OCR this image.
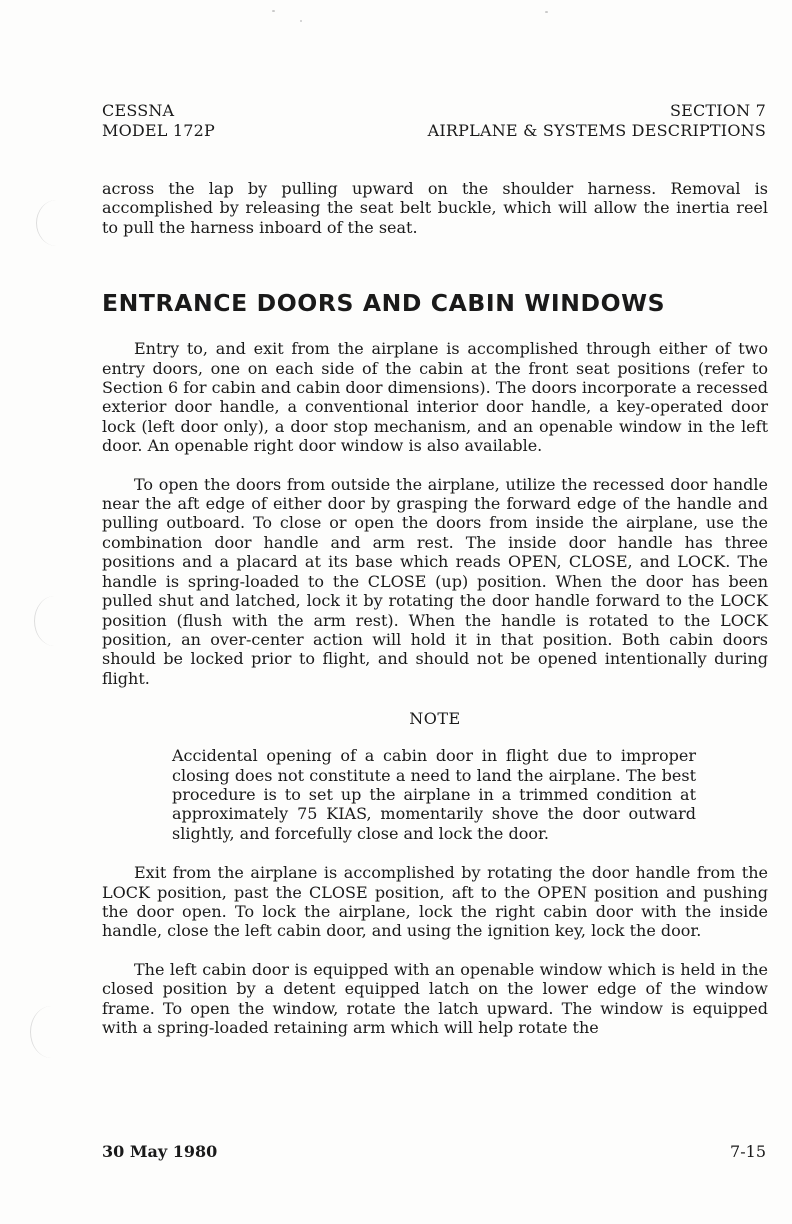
CESSNA	SECTION 7
MODEL 172P	AIRPLANE & SYSTEMS DESCRIPTIONS

across the lap by pulling upward on the shoulder harness. Removal is accomplished by releasing the seat belt buckle, which will allow the inertia reel to pull the harness inboard of the seat.

ENTRANCE DOORS AND CABIN WINDOWS

Entry to, and exit from the airplane is accomplished through either of two entry doors, one on each side of the cabin at the front seat positions (refer to Section 6 for cabin and cabin door dimensions). The doors incorporate a recessed exterior door handle, a conventional interior door handle, a key-operated door lock (left door only), a door stop mechanism, and an openable window in the left door. An openable right door window is also available.

To open the doors from outside the airplane, utilize the recessed door handle near the aft edge of either door by grasping the forward edge of the handle and pulling outboard. To close or open the doors from inside the airplane, use the combination door handle and arm rest. The inside door handle has three positions and a placard at its base which reads OPEN, CLOSE, and LOCK. The handle is spring-loaded to the CLOSE (up) position. When the door has been pulled shut and latched, lock it by rotating the door handle forward to the LOCK position (flush with the arm rest). When the handle is rotated to the LOCK position, an over-center action will hold it in that position. Both cabin doors should be locked prior to flight, and should not be opened intentionally during flight.

NOTE

Accidental opening of a cabin door in flight due to improper closing does not constitute a need to land the airplane. The best procedure is to set up the airplane in a trimmed condition at approximately 75 KIAS, momentarily shove the door outward slightly, and forcefully close and lock the door.

Exit from the airplane is accomplished by rotating the door handle from the LOCK position, past the CLOSE position, aft to the OPEN position and pushing the door open. To lock the airplane, lock the right cabin door with the inside handle, close the left cabin door, and using the ignition key, lock the door.

The left cabin door is equipped with an openable window which is held in the closed position by a detent equipped latch on the lower edge of the window frame. To open the window, rotate the latch upward. The window is equipped with a spring-loaded retaining arm which will help rotate the

30 May 1980	7-15
